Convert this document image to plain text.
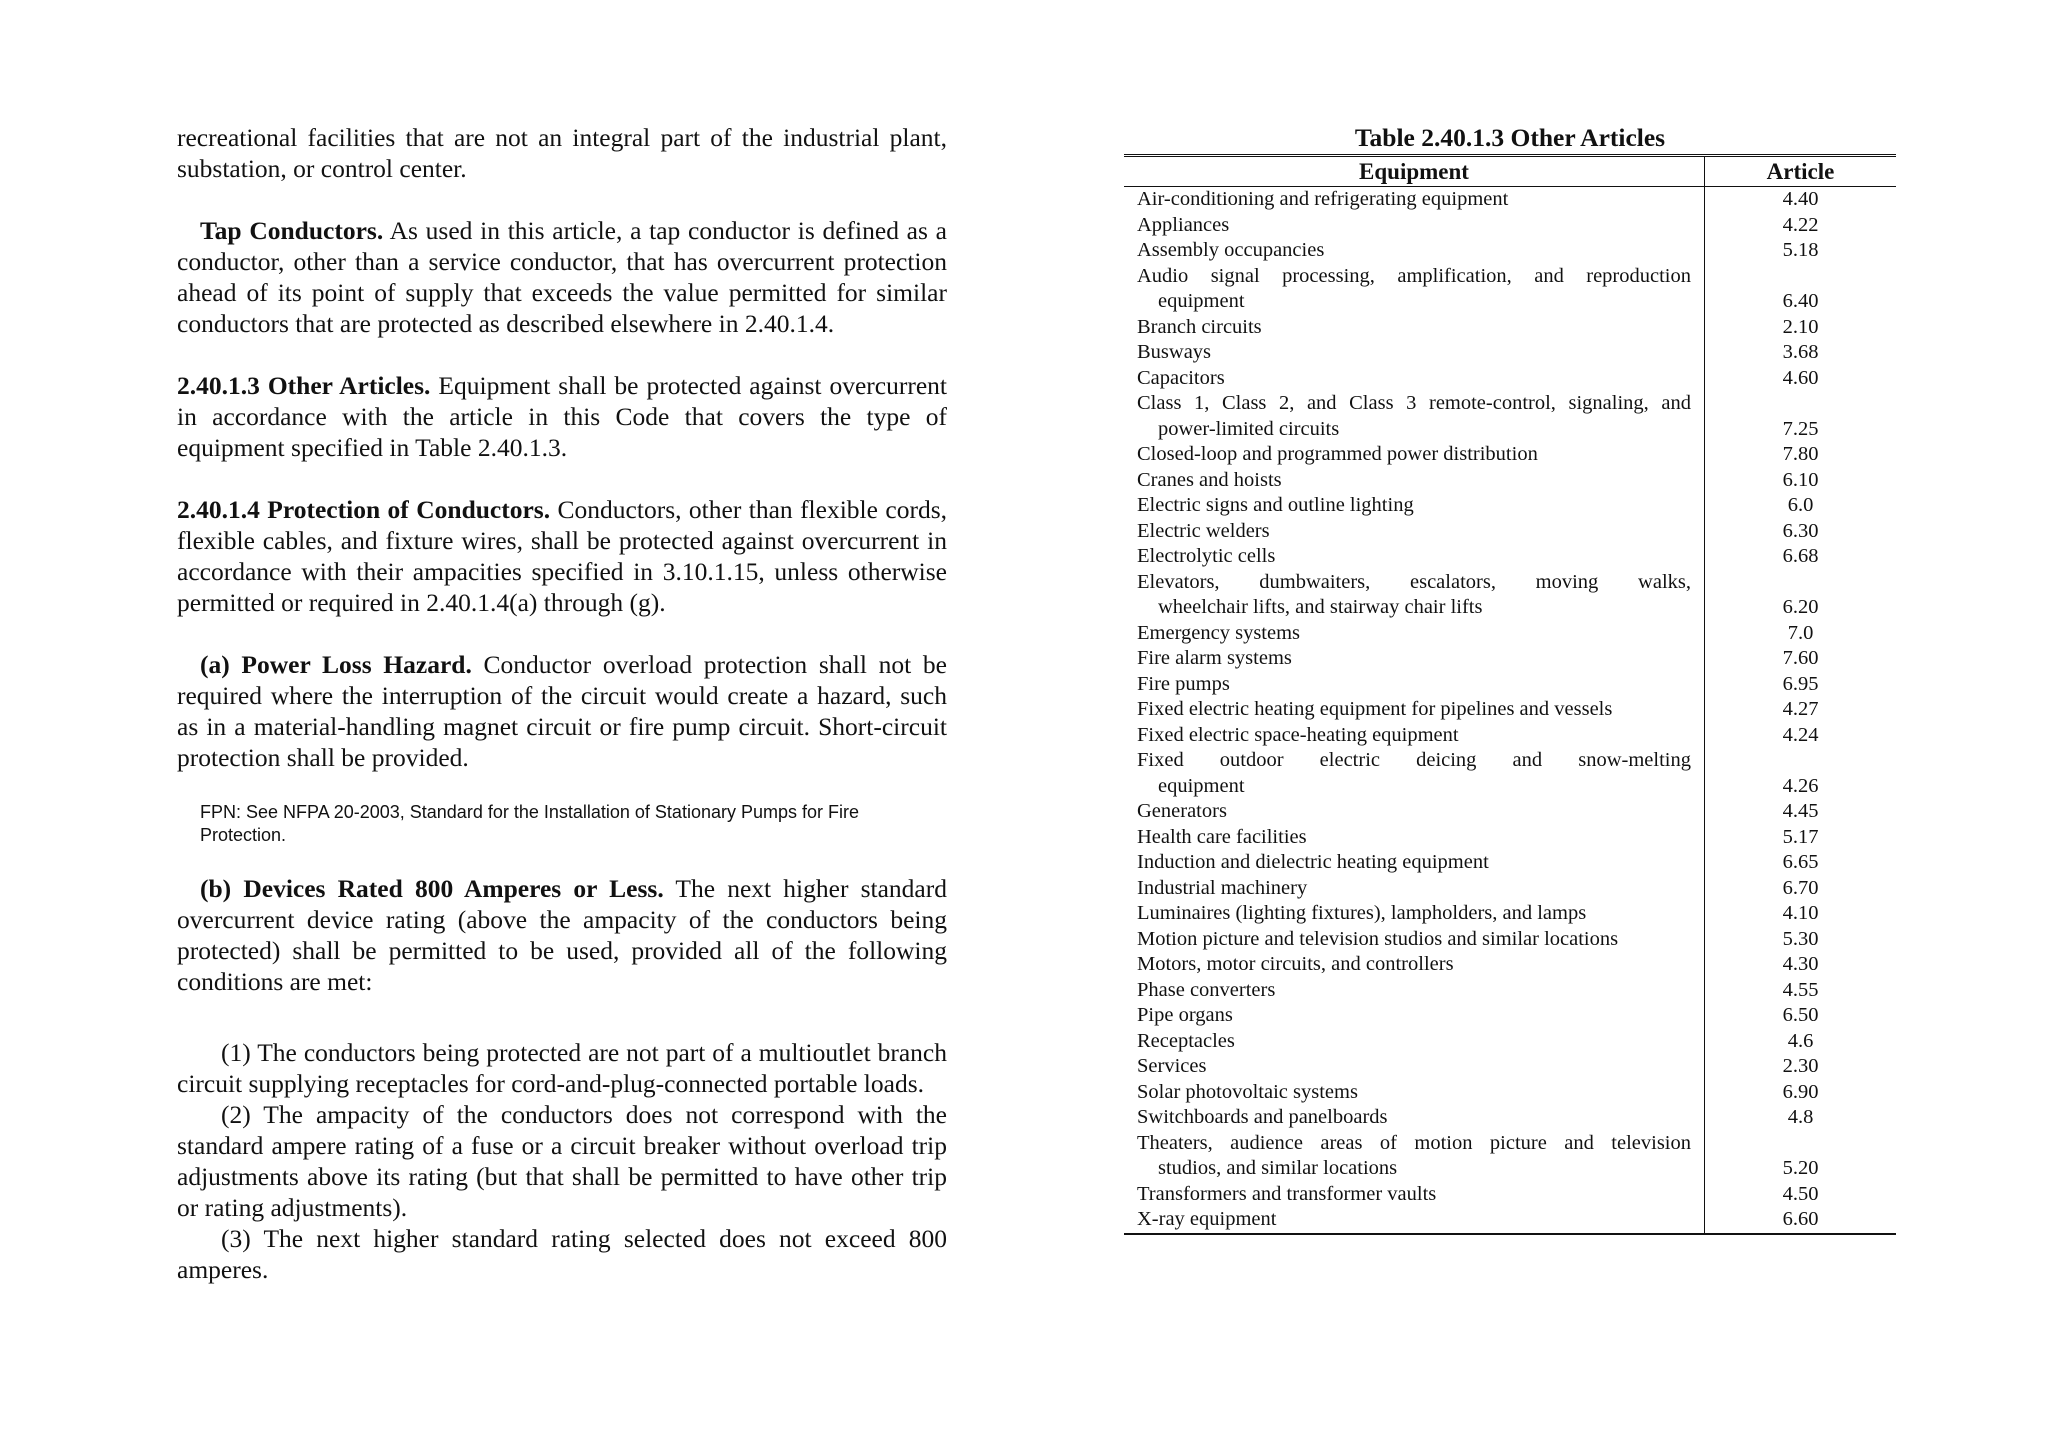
recreational facilities that are not an integral part of the industrial plant, substation, or control center.

Tap Conductors. As used in this article, a tap conductor is defined as a conductor, other than a service conductor, that has overcurrent protection ahead of its point of supply that exceeds the value permitted for similar conductors that are protected as described elsewhere in 2.40.1.4.

2.40.1.3 Other Articles. Equipment shall be protected against overcurrent in accordance with the article in this Code that covers the type of equipment specified in Table 2.40.1.3.

2.40.1.4 Protection of Conductors. Conductors, other than flexible cords, flexible cables, and fixture wires, shall be protected against overcurrent in accordance with their ampacities specified in 3.10.1.15, unless otherwise permitted or required in 2.40.1.4(a) through (g).

(a) Power Loss Hazard. Conductor overload protection shall not be required where the interruption of the circuit would create a hazard, such as in a material-handling magnet circuit or fire pump circuit. Short-circuit protection shall be provided.

FPN: See NFPA 20-2003, Standard for the Installation of Stationary Pumps for Fire Protection.

(b) Devices Rated 800 Amperes or Less. The next higher standard overcurrent device rating (above the ampacity of the conductors being protected) shall be permitted to be used, provided all of the following conditions are met:

(1) The conductors being protected are not part of a multioutlet branch circuit supplying receptacles for cord-and-plug-connected portable loads.

(2) The ampacity of the conductors does not correspond with the standard ampere rating of a fuse or a circuit breaker without overload trip adjustments above its rating (but that shall be permitted to have other trip or rating adjustments).

(3) The next higher standard rating selected does not exceed 800 amperes.

Table 2.40.1.3 Other Articles
Equipment	Article
Air-conditioning and refrigerating equipment	4.40
Appliances	4.22
Assembly occupancies	5.18

Audio signal processing, amplification, and reproduction
equipment	6.40
Branch circuits	2.10
Busways	3.68
Capacitors	4.60

Class 1, Class 2, and Class 3 remote-control, signaling, and
power-limited circuits	7.25
Closed-loop and programmed power distribution	7.80
Cranes and hoists	6.10
Electric signs and outline lighting	6.0
Electric welders	6.30
Electrolytic cells	6.68

Elevators, dumbwaiters, escalators, moving walks,
wheelchair lifts, and stairway chair lifts	6.20
Emergency systems	7.0
Fire alarm systems	7.60
Fire pumps	6.95
Fixed electric heating equipment for pipelines and vessels	4.27
Fixed electric space-heating equipment	4.24

Fixed outdoor electric deicing and snow-melting
equipment	4.26
Generators	4.45
Health care facilities	5.17
Induction and dielectric heating equipment	6.65
Industrial machinery	6.70
Luminaires (lighting fixtures), lampholders, and lamps	4.10
Motion picture and television studios and similar locations	5.30
Motors, motor circuits, and controllers	4.30
Phase converters	4.55
Pipe organs	6.50
Receptacles	4.6
Services	2.30
Solar photovoltaic systems	6.90
Switchboards and panelboards	4.8

Theaters, audience areas of motion picture and television
studios, and similar locations	5.20
Transformers and transformer vaults	4.50
X-ray equipment	6.60
